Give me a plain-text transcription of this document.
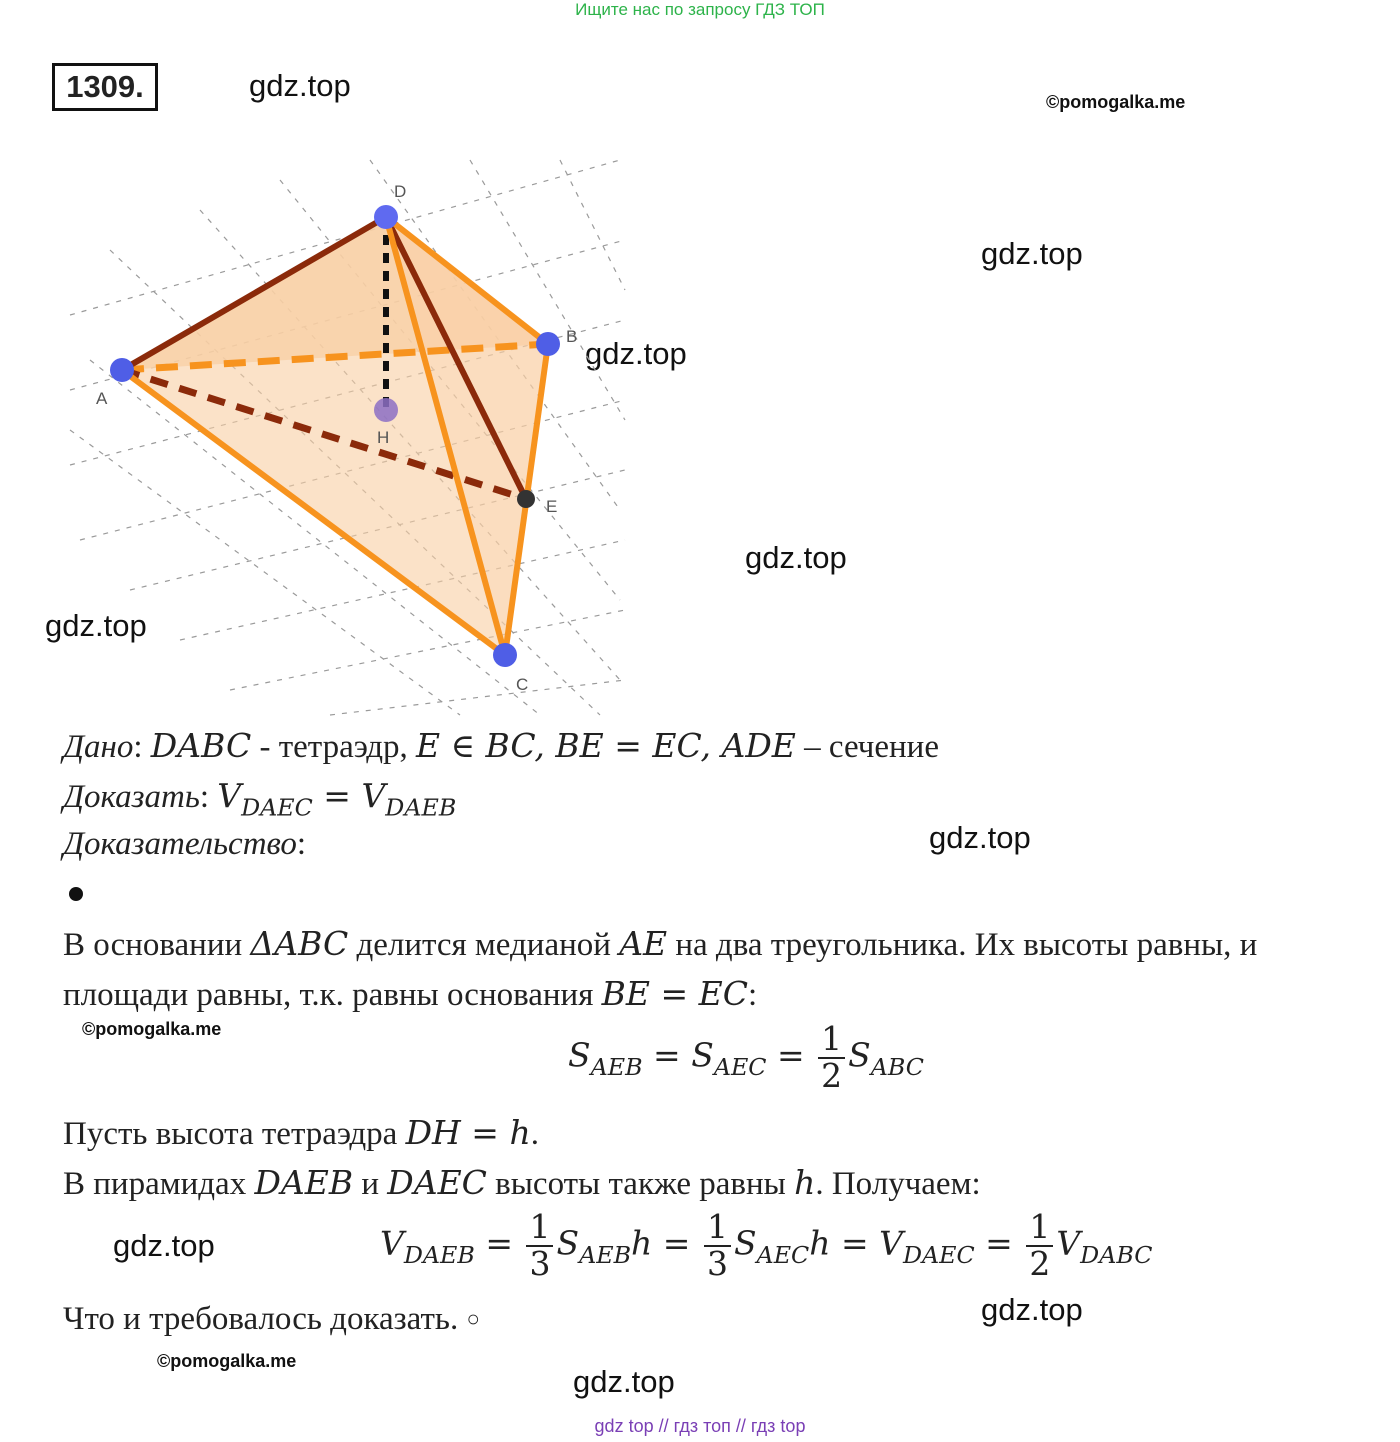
Ищите нас по запросу ГДЗ ТОП
1309.	gdz.top	©pomogalka.me
gdz.top
gdz.top
gdz.top
gdz.top
gdz.top
©pomogalka.me
gdz.top
gdz.top
©pomogalka.me
gdz.top
A
B
C
D
E
H
Дано: DABC - тетраэдр, E ∈ BC, BE = EC, ADE – сечение
Доказать: $V_{DAEC} = V_{DAEB}$
Доказательство:
В основании ΔABC делится медианой AE на два треугольника. Их высоты равны, и
площади равны, т.к. равны основания BE = EC:
$S_{AEB} = S_{AEC} = \frac{1}{2} S_{ABC}$
Пусть высота тетраэдра DH = h.
В пирамидах DAEB и DAEC высоты также равны h. Получаем:
$V_{DAEB} = \frac{1}{3} S_{AEB}h = \frac{1}{3} S_{AEC}h = V_{DAEC} = \frac{1}{2} V_{DABC}$
Что и требовалось доказать. ○
gdz top // гдз топ // гдз top
